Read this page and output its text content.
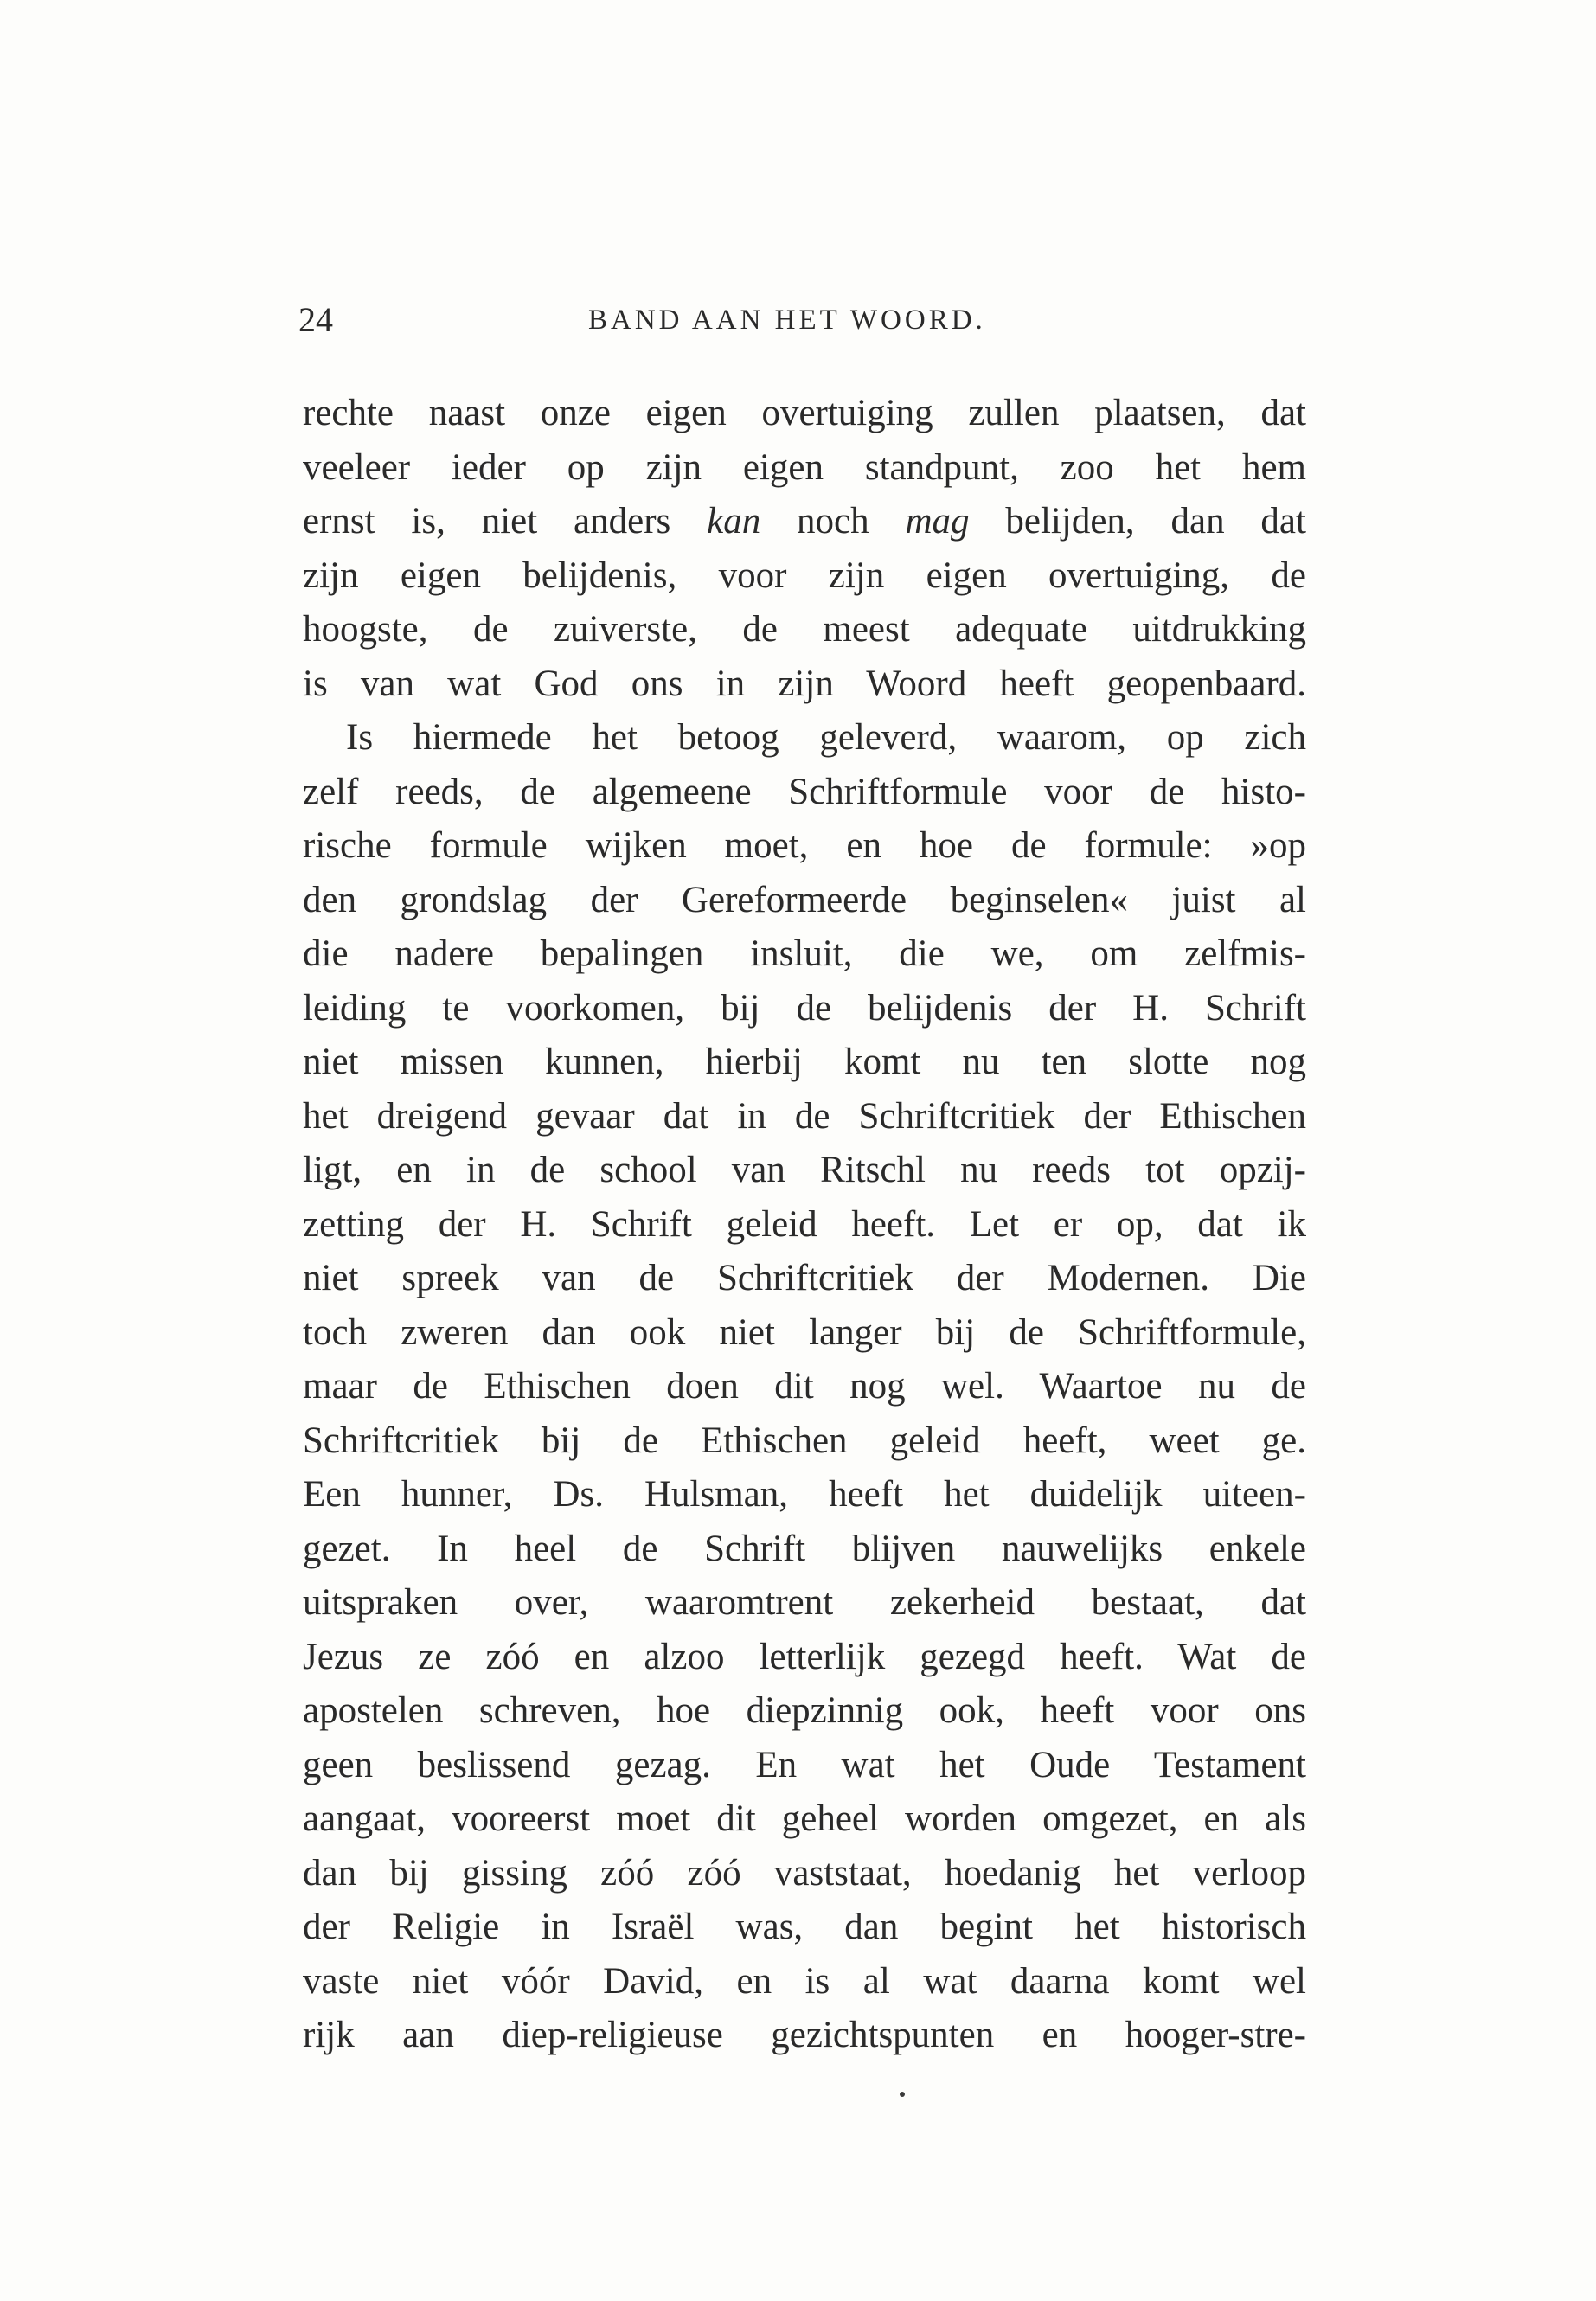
24	BAND AAN HET WOORD.
rechte naast onze eigen overtuiging zullen plaatsen, dat
veeleer ieder op zijn eigen standpunt, zoo het hem
ernst is, niet anders kan noch mag belijden, dan dat
zijn eigen belijdenis, voor zijn eigen overtuiging, de
hoogste, de zuiverste, de meest adequate uitdrukking
is van wat God ons in zijn Woord heeft geopenbaard.
Is hiermede het betoog geleverd, waarom, op zich
zelf reeds, de algemeene Schriftformule voor de histo-
rische formule wijken moet, en hoe de formule: »op
den grondslag der Gereformeerde beginselen« juist al
die nadere bepalingen insluit, die we, om zelfmis-
leiding te voorkomen, bij de belijdenis der H. Schrift
niet missen kunnen, hierbij komt nu ten slotte nog
het dreigend gevaar dat in de Schriftcritiek der Ethischen
ligt, en in de school van Ritschl nu reeds tot opzij-
zetting der H. Schrift geleid heeft. Let er op, dat ik
niet spreek van de Schriftcritiek der Modernen. Die
toch zweren dan ook niet langer bij de Schriftformule,
maar de Ethischen doen dit nog wel. Waartoe nu de
Schriftcritiek bij de Ethischen geleid heeft, weet ge.
Een hunner, Ds. Hulsman, heeft het duidelijk uiteen-
gezet. In heel de Schrift blijven nauwelijks enkele
uitspraken over, waaromtrent zekerheid bestaat, dat
Jezus ze zóó en alzoo letterlijk gezegd heeft. Wat de
apostelen schreven, hoe diepzinnig ook, heeft voor ons
geen beslissend gezag. En wat het Oude Testament
aangaat, vooreerst moet dit geheel worden omgezet, en als
dan bij gissing zóó zóó vaststaat, hoedanig het verloop
der Religie in Israël was, dan begint het historisch
vaste niet vóór David, en is al wat daarna komt wel
rijk aan diep-religieuse gezichtspunten en hooger-stre-
